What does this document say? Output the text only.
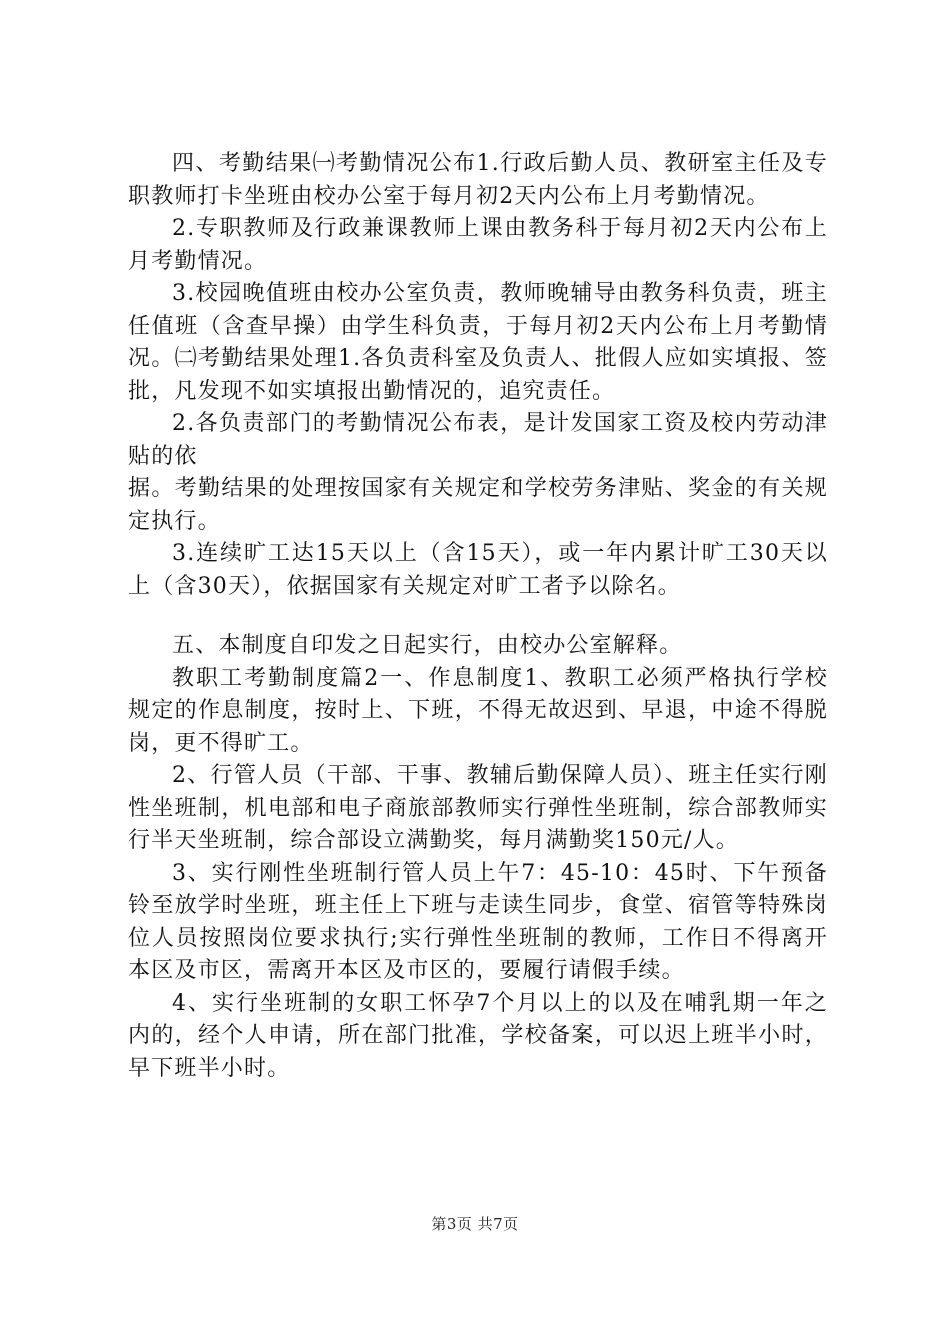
四、考勤结果㈠考勤情况公布1.行政后勤人员、教研室主任及专职教师打卡坐班由校办公室于每月初2天内公布上月考勤情况。

2.专职教师及行政兼课教师上课由教务科于每月初2天内公布上月考勤情况。

3.校园晚值班由校办公室负责，教师晚辅导由教务科负责，班主任值班（含查早操）由学生科负责，于每月初2天内公布上月考勤情况。㈡考勤结果处理1.各负责科室及负责人、批假人应如实填报、签批，凡发现不如实填报出勤情况的，追究责任。

2.各负责部门的考勤情况公布表，是计发国家工资及校内劳动津贴的依

据。考勤结果的处理按国家有关规定和学校劳务津贴、奖金的有关规定执行。

3.连续旷工达15天以上（含15天），或一年内累计旷工30天以上（含30天），依据国家有关规定对旷工者予以除名。

五、本制度自印发之日起实行，由校办公室解释。

教职工考勤制度篇2一、作息制度1、教职工必须严格执行学校规定的作息制度，按时上、下班，不得无故迟到、早退，中途不得脱岗，更不得旷工。

2、行管人员（干部、干事、教辅后勤保障人员）、班主任实行刚性坐班制，机电部和电子商旅部教师实行弹性坐班制，综合部教师实行半天坐班制，综合部设立满勤奖，每月满勤奖150元/人。

3、实行刚性坐班制行管人员上午7：45-10：45时、下午预备铃至放学时坐班，班主任上下班与走读生同步，食堂、宿管等特殊岗位人员按照岗位要求执行;实行弹性坐班制的教师，工作日不得离开本区及市区，需离开本区及市区的，要履行请假手续。

4、实行坐班制的女职工怀孕7个月以上的以及在哺乳期一年之内的，经个人申请，所在部门批准，学校备案，可以迟上班半小时，早下班半小时。

第3页 共7页
